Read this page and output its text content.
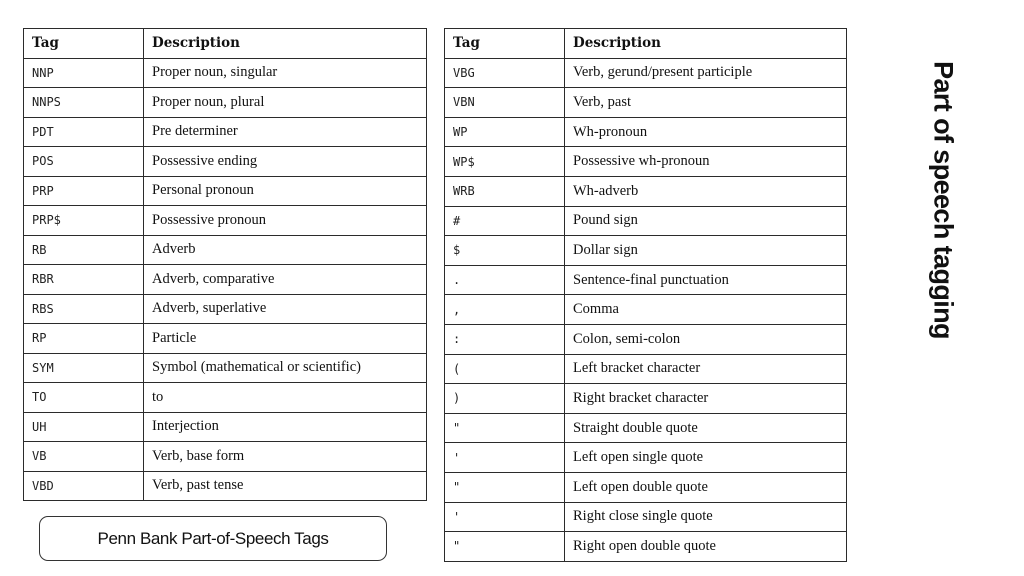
Tag	Description
NNP	Proper noun, singular
NNPS	Proper noun, plural
PDT	Pre determiner
POS	Possessive ending
PRP	Personal pronoun
PRP$	Possessive pronoun
RB	Adverb
RBR	Adverb, comparative
RBS	Adverb, superlative
RP	Particle
SYM	Symbol (mathematical or scientific)
TO	to
UH	Interjection
VB	Verb, base form
VBD	Verb, past tense
Tag	Description
VBG	Verb, gerund/present participle
VBN	Verb, past
WP	Wh-pronoun
WP$	Possessive wh-pronoun
WRB	Wh-adverb
#	Pound sign
$	Dollar sign
.	Sentence-final punctuation
,	Comma
:	Colon, semi-colon
(	Left bracket character
)	Right bracket character
"	Straight double quote
'	Left open single quote
"	Left open double quote
'	Right close single quote
"	Right open double quote
Penn Bank Part-of-Speech Tags
Part of speech tagging
